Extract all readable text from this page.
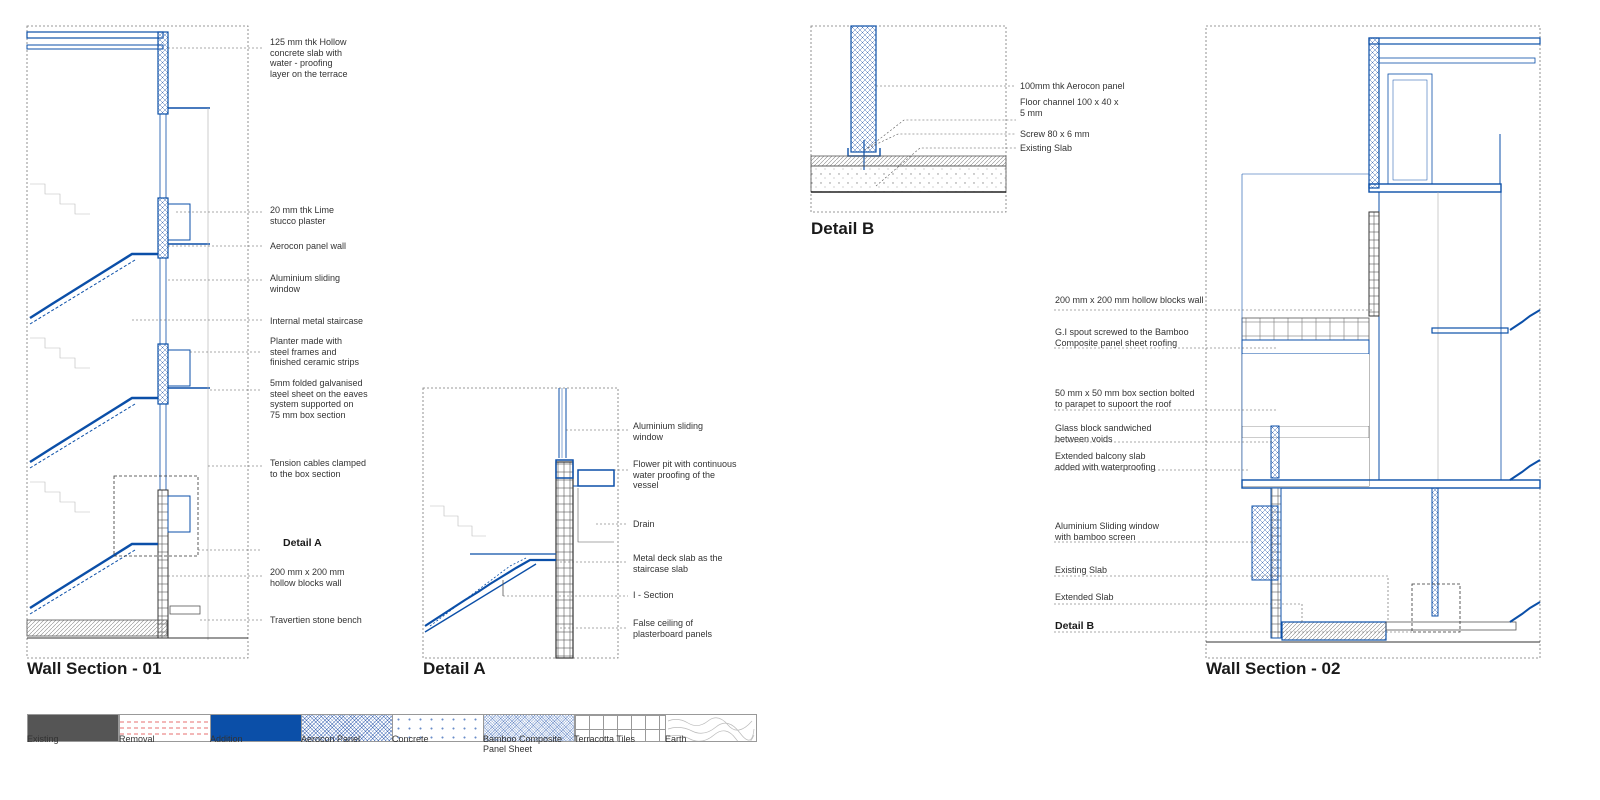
Wall Section - 01	Detail A
Detail B
Wall Section - 02
125 mm thk Hollow
concrete slab with
water - proofing
layer on the terrace
20 mm thk Lime
stucco plaster
Aerocon panel wall
Aluminium sliding
window
Internal metal staircase
Planter made with
steel frames and
finished ceramic strips
5mm folded galvanised
steel sheet on the eaves
system supported on
75 mm box section
Tension cables clamped
to the box section
Detail A
200 mm x 200 mm
hollow blocks wall
Travertien stone bench
Aluminium sliding
window
Flower pit with continuous
water proofing of the
vessel
Drain
Metal deck slab as the
staircase slab
I - Section
False ceiling of
plasterboard panels
100mm thk Aerocon panel
Floor channel 100 x 40 x
5 mm
Screw 80 x 6 mm
Existing Slab
200 mm x 200 mm hollow blocks wall
G.I spout screwed to the Bamboo
Composite panel sheet roofing
50 mm x 50 mm box section bolted
to parapet to supoort the roof
Glass block sandwiched
between voids
Extended balcony slab
added with waterproofing
Aluminium Sliding window
with bamboo screen
Existing Slab
Extended Slab
Detail B
Existing	Removal	Addition	Aerocon Panel	Concrete	Bamboo Composite
Panel Sheet
Terracotta Tiles	Earth
